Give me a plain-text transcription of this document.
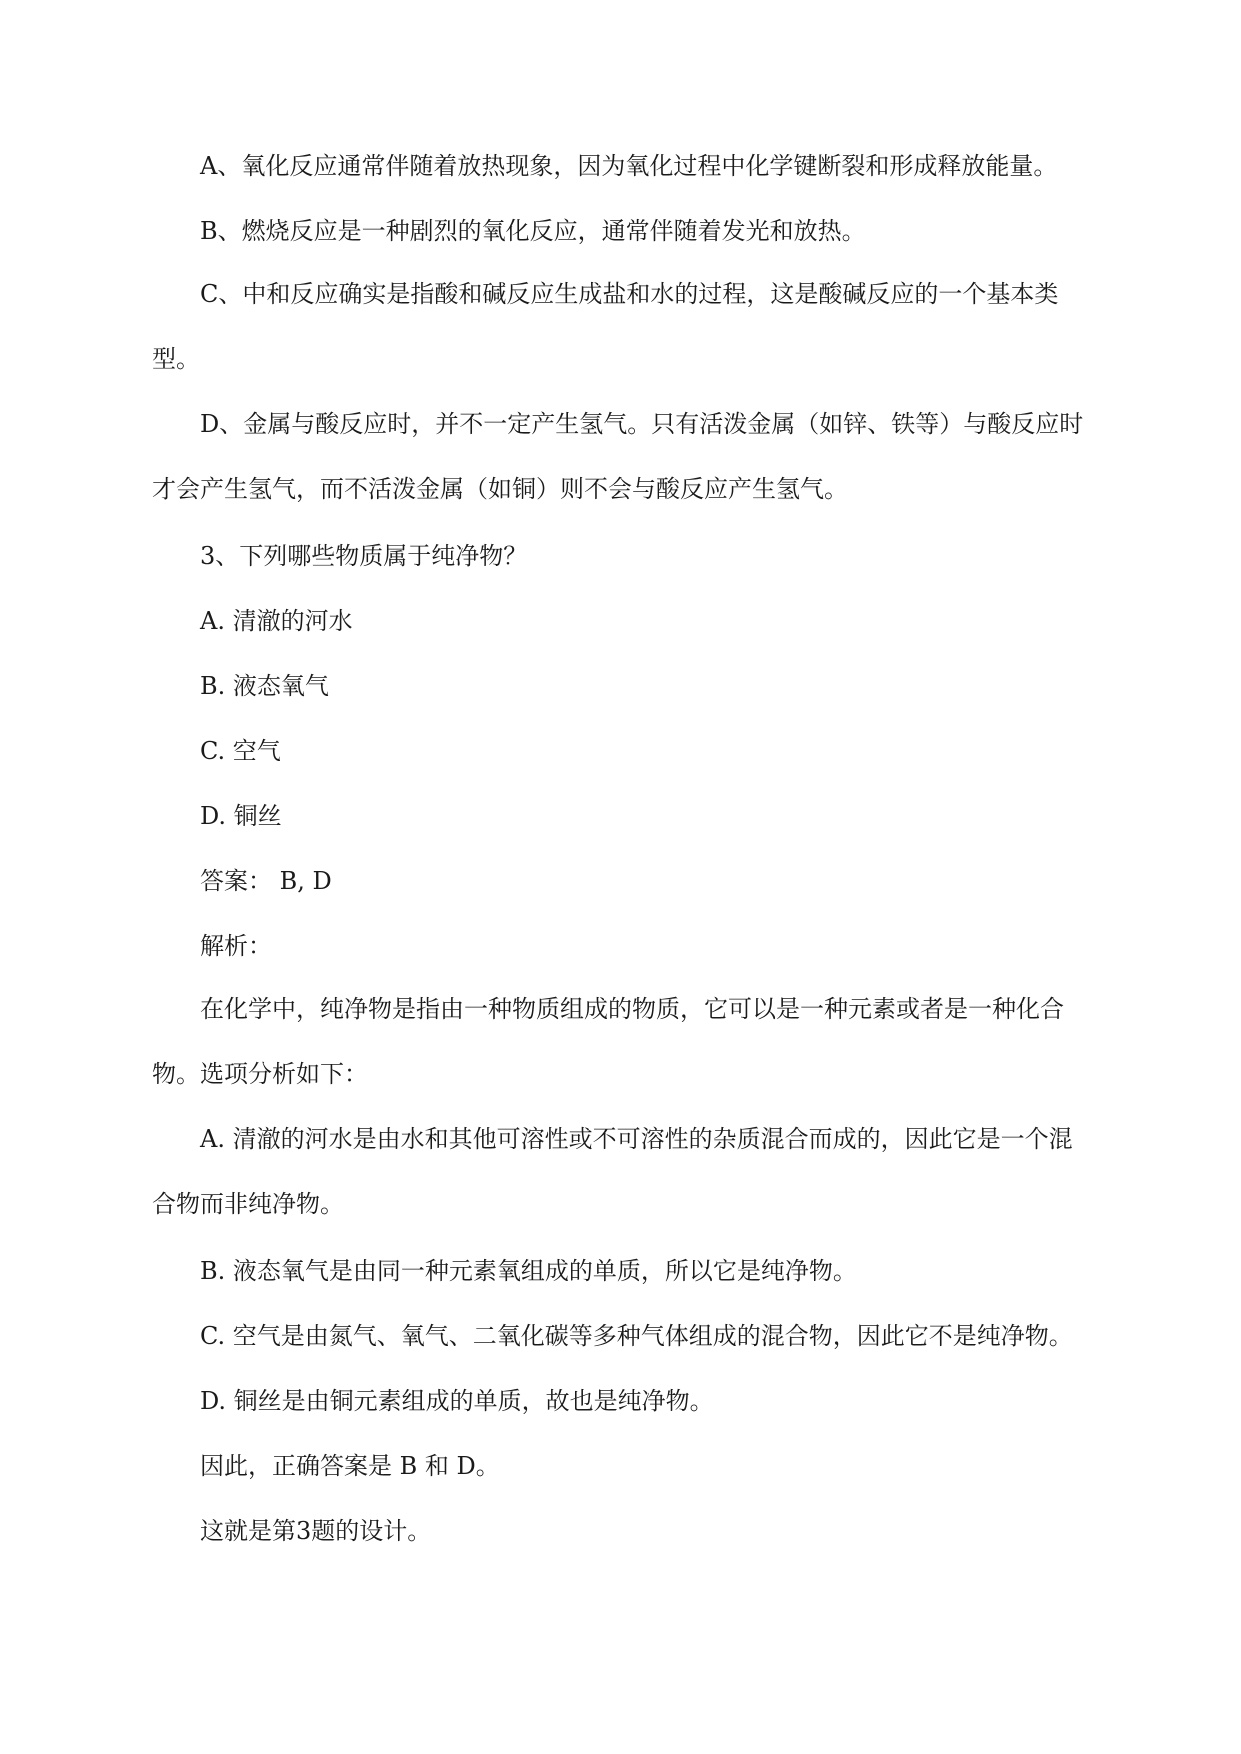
A、氧化反应通常伴随着放热现象，因为氧化过程中化学键断裂和形成释放能量。
B、燃烧反应是一种剧烈的氧化反应，通常伴随着发光和放热。
C、中和反应确实是指酸和碱反应生成盐和水的过程，这是酸碱反应的一个基本类型。
D、金属与酸反应时，并不一定产生氢气。只有活泼金属（如锌、铁等）与酸反应时才会产生氢气，而不活泼金属（如铜）则不会与酸反应产生氢气。
3、下列哪些物质属于纯净物？
A. 清澈的河水
B. 液态氧气
C. 空气
D. 铜丝
答案： B, D
解析：
在化学中，纯净物是指由一种物质组成的物质，它可以是一种元素或者是一种化合物。选项分析如下：
A. 清澈的河水是由水和其他可溶性或不可溶性的杂质混合而成的，因此它是一个混合物而非纯净物。
B. 液态氧气是由同一种元素氧组成的单质，所以它是纯净物。
C. 空气是由氮气、氧气、二氧化碳等多种气体组成的混合物，因此它不是纯净物。
D. 铜丝是由铜元素组成的单质，故也是纯净物。
因此，正确答案是 B 和 D。
这就是第3题的设计。
